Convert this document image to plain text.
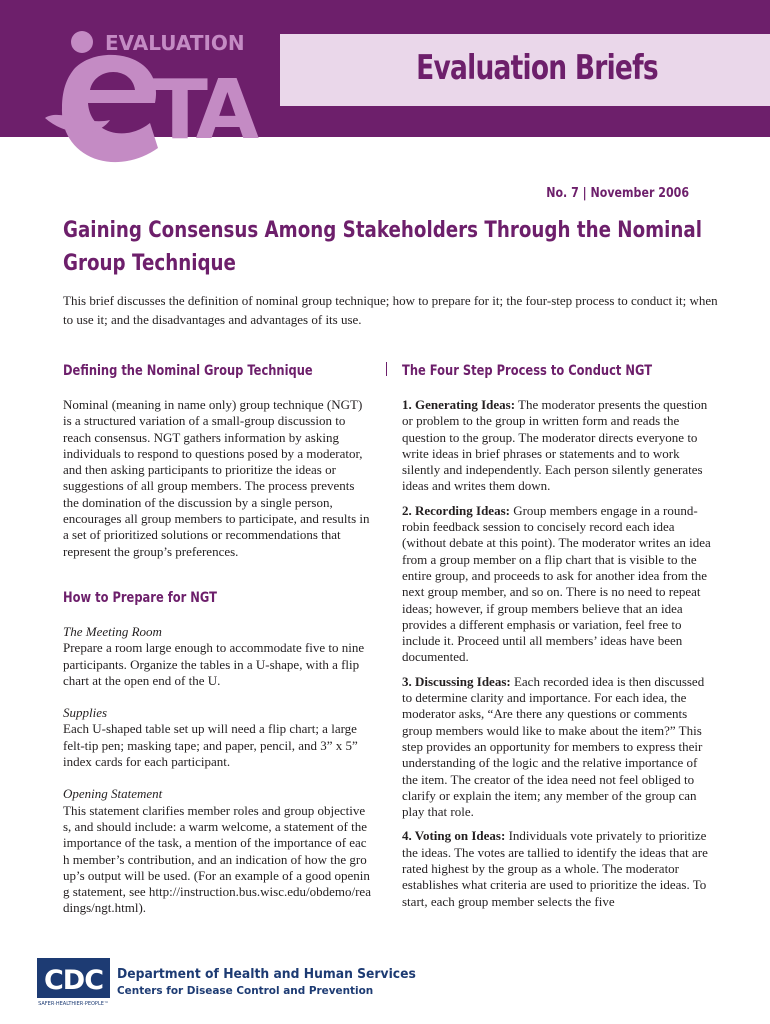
EVALUATION
TA	Evaluation Briefs
No. 7 | November 2006
Gaining Consensus Among Stakeholders Through the Nominal
Group Technique

This brief discusses the definition of nominal group technique; how to prepare for it; the four-step process to conduct it; when to use it; and the disadvantages and advantages of its use.

Defining the Nominal Group Technique

Nominal (meaning in name only) group technique (NGT) is a structured variation of a small-group discussion to reach consensus. NGT gathers information by asking individuals to respond to questions posed by a moderator, and then asking participants to prioritize the ideas or suggestions of all group members. The process prevents the domination of the discussion by a single person, encourages all group members to participate, and results in a set of prioritized solutions or recommendations that represent the group’s preferences.

How to Prepare for NGT

The Meeting Room

Prepare a room large enough to accommodate five to nine participants. Organize the tables in a U-shape, with a flip chart at the open end of the U.

Supplies

Each U-shaped table set up will need a flip chart; a large felt-tip pen; masking tape; and paper, pencil, and 3” x 5” index cards for each participant.

Opening Statement

This statement clarifies member roles and group objectives, and should include: a warm welcome, a statement of the importance of the task, a mention of the importance of each member’s contribution, and an indication of how the group’s output will be used. (For an example of a good opening statement, see http://instruction.bus.wisc.edu/obdemo/readings/ngt.html).

The Four Step Process to Conduct NGT

1. Generating Ideas: The moderator presents the question or problem to the group in written form and reads the question to the group. The moderator directs everyone to write ideas in brief phrases or statements and to work silently and independently. Each person silently generates ideas and writes them down.

2. Recording Ideas: Group members engage in a round-robin feedback session to concisely record each idea (without debate at this point). The moderator writes an idea from a group member on a flip chart that is visible to the entire group, and proceeds to ask for another idea from the next group member, and so on. There is no need to repeat ideas; however, if group members believe that an idea provides a different emphasis or variation, feel free to include it. Proceed until all members’ ideas have been documented.

3. Discussing Ideas: Each recorded idea is then discussed to determine clarity and importance. For each idea, the moderator asks, “Are there any questions or comments group members would like to make about the item?” This step provides an opportunity for members to express their understanding of the logic and the relative importance of the item. The creator of the idea need not feel obliged to clarify or explain the item; any member of the group can play that role.

4. Voting on Ideas: Individuals vote privately to prioritize the ideas. The votes are tallied to identify the ideas that are rated highest by the group as a whole. The moderator establishes what criteria are used to prioritize the ideas. To start, each group member selects the five

CDC
SAFER·HEALTHIER·PEOPLE™
Department of Health and Human Services
Centers for Disease Control and Prevention
